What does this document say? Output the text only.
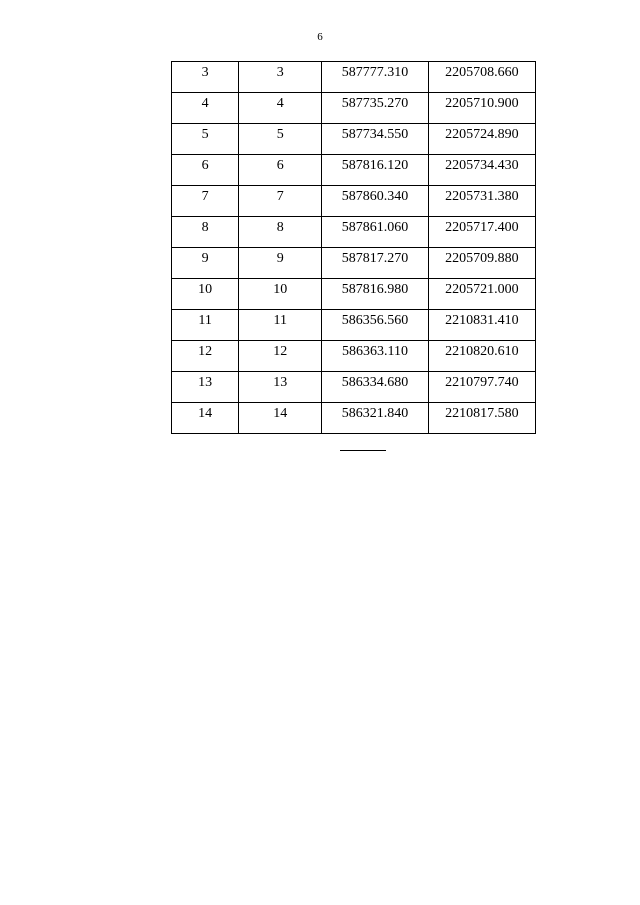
6
3	3	587777.310	2205708.660
4	4	587735.270	2205710.900
5	5	587734.550	2205724.890
6	6	587816.120	2205734.430
7	7	587860.340	2205731.380
8	8	587861.060	2205717.400
9	9	587817.270	2205709.880
10	10	587816.980	2205721.000
11	11	586356.560	2210831.410
12	12	586363.110	2210820.610
13	13	586334.680	2210797.740
14	14	586321.840	2210817.580
